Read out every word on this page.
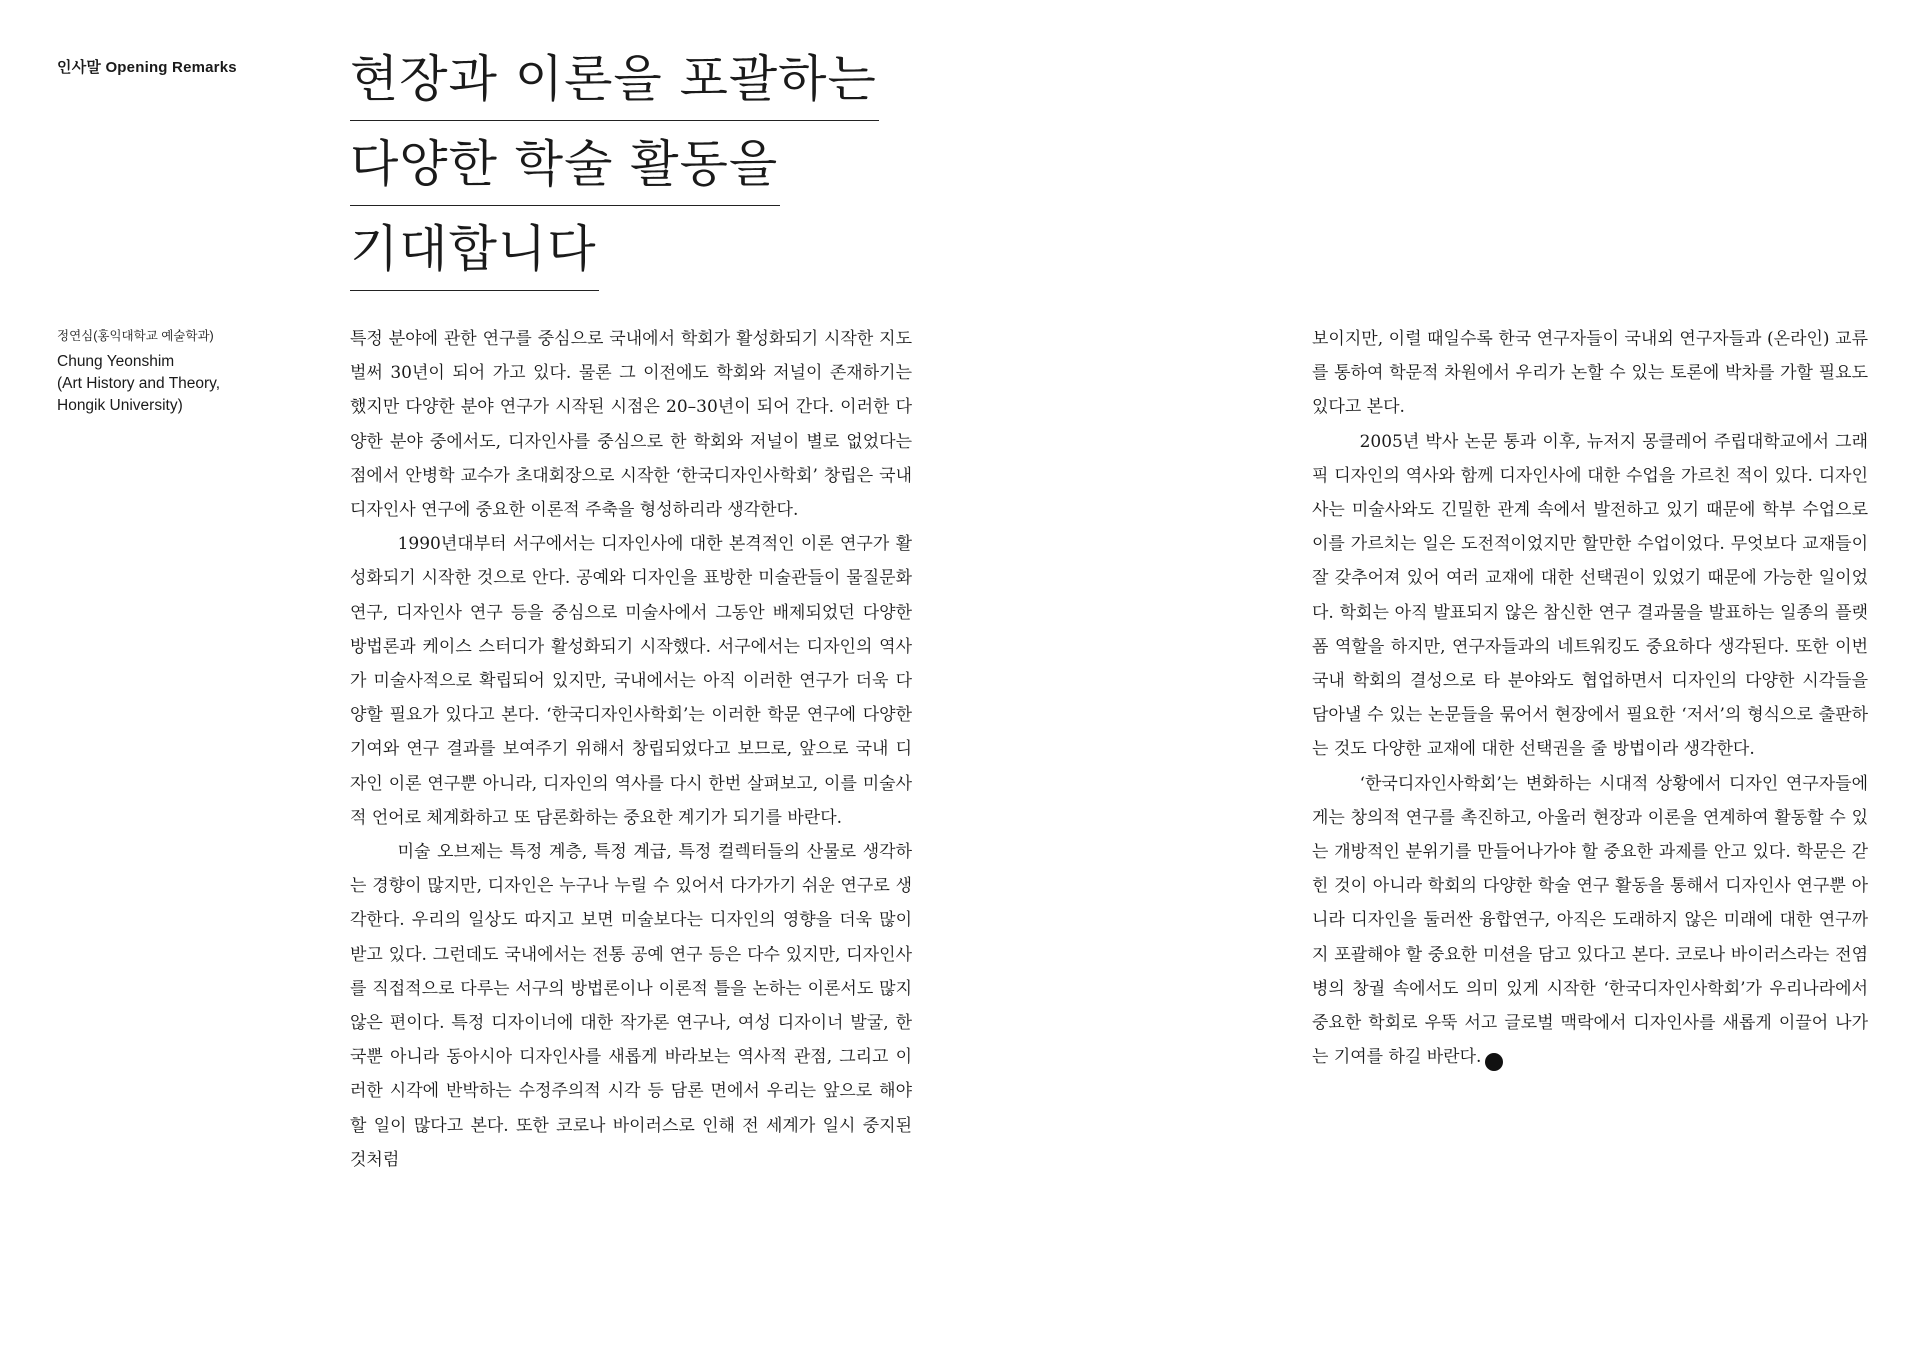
인사말 Opening Remarks 현장과 이론을 포괄하는
다양한 학술 활동을
기대합니다
정연심(홍익대학교 예술학과)
Chung Yeonshim
(Art History and Theory,
Hongik University)

특정 분야에 관한 연구를 중심으로 국내에서 학회가 활성화되기 시작한 지도 벌써 30년이 되어 가고 있다. 물론 그 이전에도 학회와 저널이 존재하기는 했지만 다양한 분야 연구가 시작된 시점은 20–30년이 되어 간다. 이러한 다양한 분야 중에서도, 디자인사를 중심으로 한 학회와 저널이 별로 없었다는 점에서 안병학 교수가 초대회장으로 시작한 ‘한국디자인사학회’ 창립은 국내 디자인사 연구에 중요한 이론적 주축을 형성하리라 생각한다.

1990년대부터 서구에서는 디자인사에 대한 본격적인 이론 연구가 활성화되기 시작한 것으로 안다. 공예와 디자인을 표방한 미술관들이 물질문화 연구, 디자인사 연구 등을 중심으로 미술사에서 그동안 배제되었던 다양한 방법론과 케이스 스터디가 활성화되기 시작했다. 서구에서는 디자인의 역사가 미술사적으로 확립되어 있지만, 국내에서는 아직 이러한 연구가 더욱 다양할 필요가 있다고 본다. ‘한국디자인사학회’는 이러한 학문 연구에 다양한 기여와 연구 결과를 보여주기 위해서 창립되었다고 보므로, 앞으로 국내 디자인 이론 연구뿐 아니라, 디자인의 역사를 다시 한번 살펴보고, 이를 미술사적 언어로 체계화하고 또 담론화하는 중요한 계기가 되기를 바란다.

미술 오브제는 특정 계층, 특정 계급, 특정 컬렉터들의 산물로 생각하는 경향이 많지만, 디자인은 누구나 누릴 수 있어서 다가가기 쉬운 연구로 생각한다. 우리의 일상도 따지고 보면 미술보다는 디자인의 영향을 더욱 많이 받고 있다. 그런데도 국내에서는 전통 공예 연구 등은 다수 있지만, 디자인사를 직접적으로 다루는 서구의 방법론이나 이론적 틀을 논하는 이론서도 많지 않은 편이다. 특정 디자이너에 대한 작가론 연구나, 여성 디자이너 발굴, 한국뿐 아니라 동아시아 디자인사를 새롭게 바라보는 역사적 관점, 그리고 이러한 시각에 반박하는 수정주의적 시각 등 담론 면에서 우리는 앞으로 해야 할 일이 많다고 본다. 또한 코로나 바이러스로 인해 전 세계가 일시 중지된 것처럼

보이지만, 이럴 때일수록 한국 연구자들이 국내외 연구자들과 (온라인) 교류를 통하여 학문적 차원에서 우리가 논할 수 있는 토론에 박차를 가할 필요도 있다고 본다.

2005년 박사 논문 통과 이후, 뉴저지 몽클레어 주립대학교에서 그래픽 디자인의 역사와 함께 디자인사에 대한 수업을 가르친 적이 있다. 디자인사는 미술사와도 긴밀한 관계 속에서 발전하고 있기 때문에 학부 수업으로 이를 가르치는 일은 도전적이었지만 할만한 수업이었다. 무엇보다 교재들이 잘 갖추어져 있어 여러 교재에 대한 선택권이 있었기 때문에 가능한 일이었다. 학회는 아직 발표되지 않은 참신한 연구 결과물을 발표하는 일종의 플랫폼 역할을 하지만, 연구자들과의 네트워킹도 중요하다 생각된다. 또한 이번 국내 학회의 결성으로 타 분야와도 협업하면서 디자인의 다양한 시각들을 담아낼 수 있는 논문들을 묶어서 현장에서 필요한 ‘저서’의 형식으로 출판하는 것도 다양한 교재에 대한 선택권을 줄 방법이라 생각한다.

‘한국디자인사학회’는 변화하는 시대적 상황에서 디자인 연구자들에게는 창의적 연구를 촉진하고, 아울러 현장과 이론을 연계하여 활동할 수 있는 개방적인 분위기를 만들어나가야 할 중요한 과제를 안고 있다. 학문은 갇힌 것이 아니라 학회의 다양한 학술 연구 활동을 통해서 디자인사 연구뿐 아니라 디자인을 둘러싼 융합연구, 아직은 도래하지 않은 미래에 대한 연구까지 포괄해야 할 중요한 미션을 담고 있다고 본다. 코로나 바이러스라는 전염병의 창궐 속에서도 의미 있게 시작한 ‘한국디자인사학회’가 우리나라에서 중요한 학회로 우뚝 서고 글로벌 맥락에서 디자인사를 새롭게 이끌어 나가는 기여를 하길 바란다.	K
